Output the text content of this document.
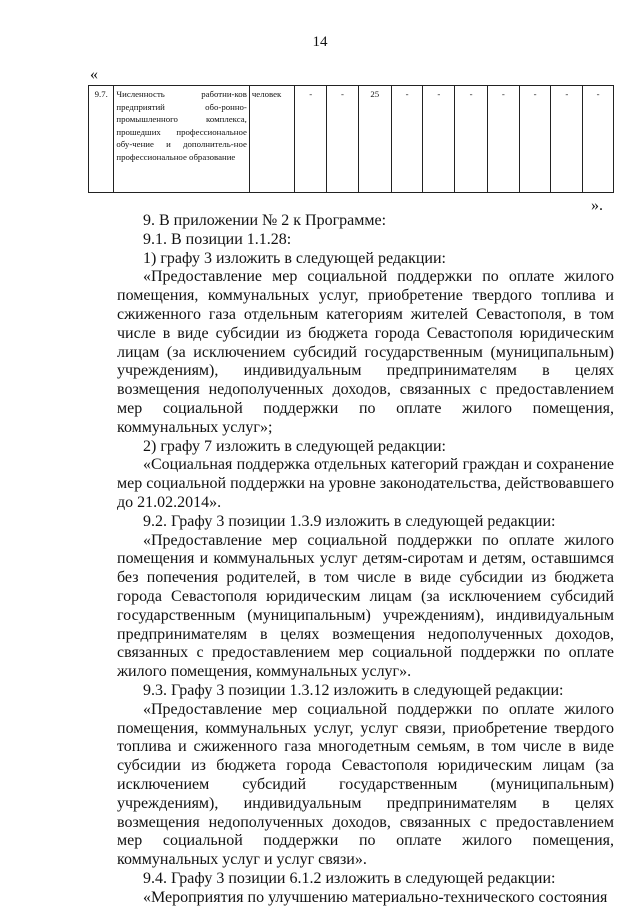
14
«
9.7.	Численность работни-ков предприятий обо-ронно-промышленного комплекса, прошедших профессиональное обу-чение и дополнитель-ное профессиональное образование	человек	-	-	25	-	-	-	-	-	-	-
».

9. В приложении № 2 к Программе:

9.1. В позиции 1.1.28:

1) графу 3 изложить в следующей редакции:

«Предоставление мер социальной поддержки по оплате жилого помещения, коммунальных услуг, приобретение твердого топлива и сжиженного газа отдельным категориям жителей Севастополя, в том числе в виде субсидии из бюджета города Севастополя юридическим лицам (за исключением субсидий государственным (муниципальным) учреждениям), индивидуальным предпринимателям в целях возмещения недополученных доходов, связанных с предоставлением мер социальной поддержки по оплате жилого помещения, коммунальных услуг»;

2) графу 7 изложить в следующей редакции:

«Социальная поддержка отдельных категорий граждан и сохранение мер социальной поддержки на уровне законодательства, действовавшего до 21.02.2014».

9.2. Графу 3 позиции 1.3.9 изложить в следующей редакции:

«Предоставление мер социальной поддержки по оплате жилого помещения и коммунальных услуг детям-сиротам и детям, оставшимся без попечения родителей, в том числе в виде субсидии из бюджета города Севастополя юридическим лицам (за исключением субсидий государственным (муниципальным) учреждениям), индивидуальным предпринимателям в целях возмещения недополученных доходов, связанных с предоставлением мер социальной поддержки по оплате жилого помещения, коммунальных услуг».

9.3. Графу 3 позиции 1.3.12 изложить в следующей редакции:

«Предоставление мер социальной поддержки по оплате жилого помещения, коммунальных услуг, услуг связи, приобретение твердого топлива и сжиженного газа многодетным семьям, в том числе в виде субсидии из бюджета города Севастополя юридическим лицам (за исключением субсидий государственным (муниципальным) учреждениям), индивидуальным предпринимателям в целях возмещения недополученных доходов, связанных с предоставлением мер социальной поддержки по оплате жилого помещения, коммунальных услуг и услуг связи».

9.4. Графу 3 позиции 6.1.2 изложить в следующей редакции:

«Мероприятия по улучшению материально-технического состояния
